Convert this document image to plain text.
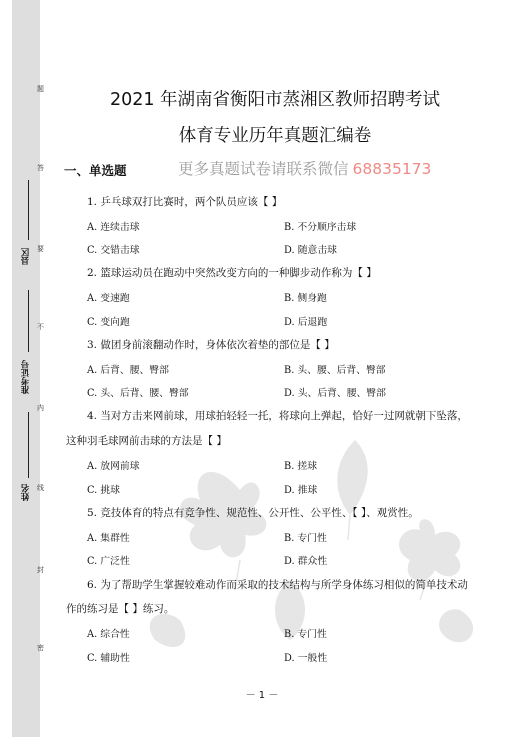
题
答
要
不
内
线
封
密
县区
准考证号
姓名
2021 年湖南省衡阳市蒸湘区教师招聘考试
体育专业历年真题汇编卷
一、单选题	更多真题试卷请联系微信 68835173
1. 乒乓球双打比赛时，两个队员应该【 】
A. 连续击球	B. 不分顺序击球
C. 交错击球	D. 随意击球
2. 篮球运动员在跑动中突然改变方向的一种脚步动作称为【 】
A. 变速跑	B. 侧身跑
C. 变向跑	D. 后退跑
3. 做团身前滚翻动作时，身体依次着垫的部位是【 】
A. 后背、腰、臀部	B. 头、腰、后背、臀部
C. 头、后背、腰、臀部	D. 头、后背、腰、臀部
4. 当对方击来网前球，用球拍轻轻一托，将球向上弹起，恰好一过网就朝下坠落，
这种羽毛球网前击球的方法是【 】
A. 放网前球	B. 搓球
C. 挑球	D. 推球
5. 竞技体育的特点有竞争性、规范性、公开性、公平性、【 】、观赏性。
A. 集群性	B. 专门性
C. 广泛性	D. 群众性
6. 为了帮助学生掌握较难动作而采取的技术结构与所学身体练习相似的简单技术动
作的练习是【 】练习。
A. 综合性	B. 专门性
C. 辅助性	D. 一般性
－ 1 －
